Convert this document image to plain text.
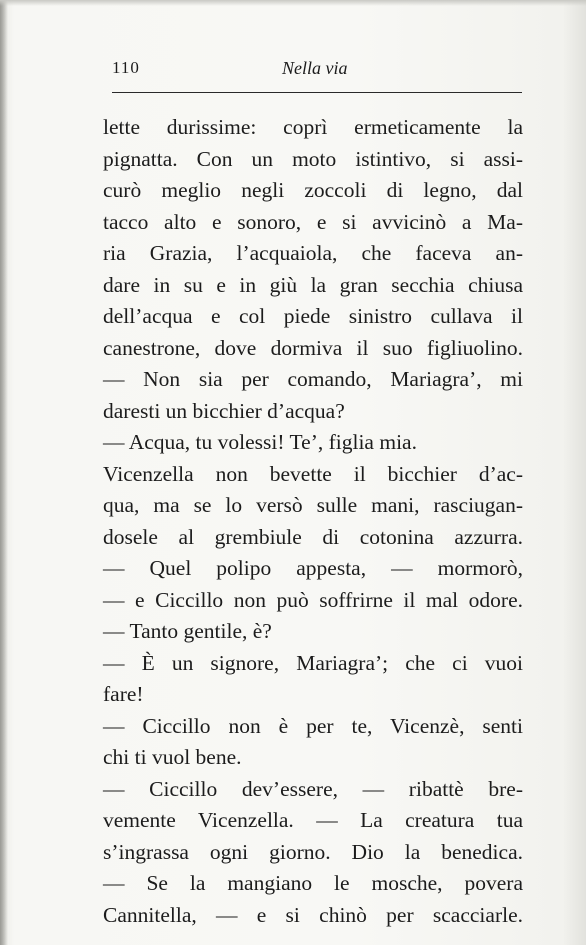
110	Nella via
lette durissime: coprì ermeticamente la
pignatta. Con un moto istintivo, si assi-
curò meglio negli zoccoli di legno, dal
tacco alto e sonoro, e si avvicinò a Ma-
ria Grazia, l’acquaiola, che faceva an-
dare in su e in giù la gran secchia chiusa
dell’acqua e col piede sinistro cullava il
canestrone, dove dormiva il suo figliuolino.
— Non sia per comando, Mariagra’, mi
daresti un bicchier d’acqua?
— Acqua, tu volessi! Te’, figlia mia.
Vicenzella non bevette il bicchier d’ac-
qua, ma se lo versò sulle mani, rasciugan-
dosele al grembiule di cotonina azzurra.
— Quel polipo appesta, — mormorò,
— e Ciccillo non può soffrirne il mal odore.
— Tanto gentile, è?
— È un signore, Mariagra’; che ci vuoi
fare!
— Ciccillo non è per te, Vicenzè, senti
chi ti vuol bene.
— Ciccillo dev’essere, — ribattè bre-
vemente Vicenzella. — La creatura tua
s’ingrassa ogni giorno. Dio la benedica.
— Se la mangiano le mosche, povera
Cannitella, — e si chinò per scacciarle.
